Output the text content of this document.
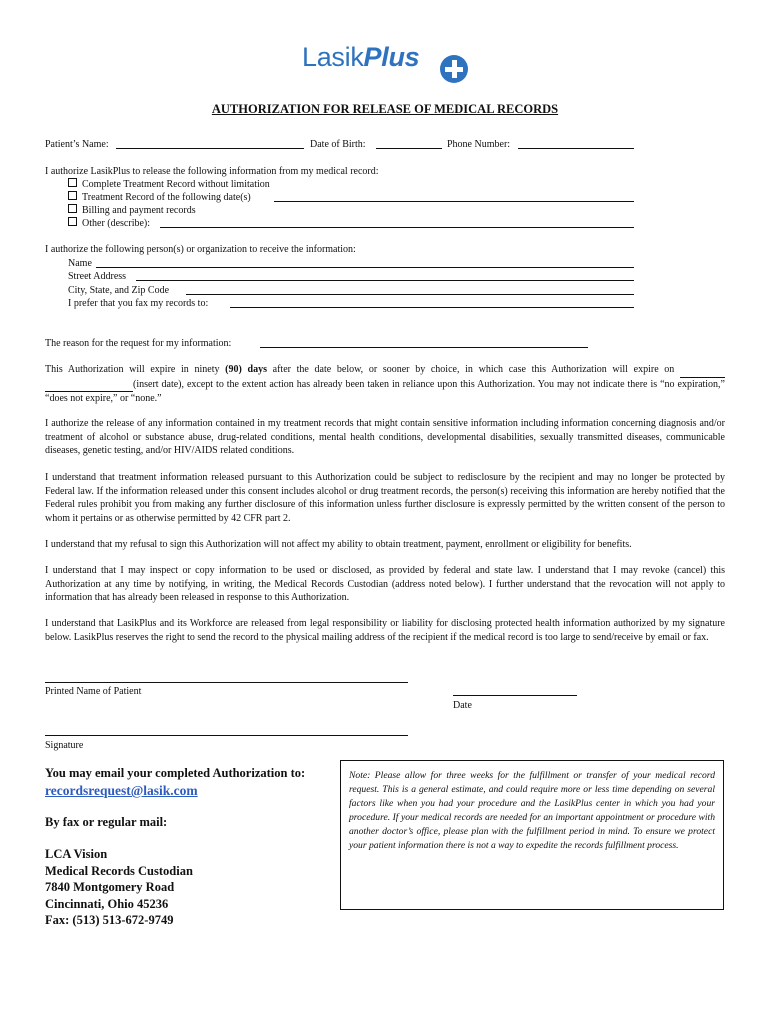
LasikPlus
AUTHORIZATION FOR RELEASE OF MEDICAL RECORDS
Patient’s Name:	Date of Birth:	Phone Number:
I authorize LasikPlus to release the following information from my medical record:
Complete Treatment Record without limitation
Treatment Record of the following date(s)
Billing and payment records
Other (describe):
I authorize the following person(s) or organization to receive the information:
Name
Street Address
City, State, and Zip Code
I prefer that you fax my records to:
The reason for the request for my information:
This Authorization will expire in ninety (90) days after the date below, or sooner by choice, in which case this Authorization will expire on  (insert date), except to the extent action has already been taken in reliance upon this Authorization. You may not indicate there is “no expiration,” “does not expire,” or “none.”
I authorize the release of any information contained in my treatment records that might contain sensitive information including information concerning diagnosis and/or treatment of alcohol or substance abuse, drug-related conditions, mental health conditions, developmental disabilities, sexually transmitted diseases, communicable diseases, genetic testing, and/or HIV/AIDS related conditions.
I understand that treatment information released pursuant to this Authorization could be subject to redisclosure by the recipient and may no longer be protected by Federal law. If the information released under this consent includes alcohol or drug treatment records, the person(s) receiving this information are hereby notified that the Federal rules prohibit you from making any further disclosure of this information unless further disclosure is expressly permitted by the written consent of the person to whom it pertains or as otherwise permitted by 42 CFR part 2.
I understand that my refusal to sign this Authorization will not affect my ability to obtain treatment, payment, enrollment or eligibility for benefits.
I understand that I may inspect or copy information to be used or disclosed, as provided by federal and state law. I understand that I may revoke (cancel) this Authorization at any time by notifying, in writing, the Medical Records Custodian (address noted below). I further understand that the revocation will not apply to information that has already been released in response to this Authorization.
I understand that LasikPlus and its Workforce are released from legal responsibility or liability for disclosing protected health information authorized by my signature below. LasikPlus reserves the right to send the record to the physical mailing address of the recipient if the medical record is too large to send/receive by email or fax.
Printed Name of Patient
Date
Signature
You may email your completed Authorization to:
recordsrequest@lasik.com
By fax or regular mail:
LCA Vision
Medical Records Custodian
7840 Montgomery Road
Cincinnati, Ohio 45236
Fax: (513) 513-672-9749
Note: Please allow for three weeks for the fulfillment or transfer of your medical record request. This is a general estimate, and could require more or less time depending on several factors like when you had your procedure and the LasikPlus center in which you had your procedure. If your medical records are needed for an important appointment or procedure with another doctor’s office, please plan with the fulfillment period in mind. To ensure we protect your patient information there is not a way to expedite the records fulfillment process.
